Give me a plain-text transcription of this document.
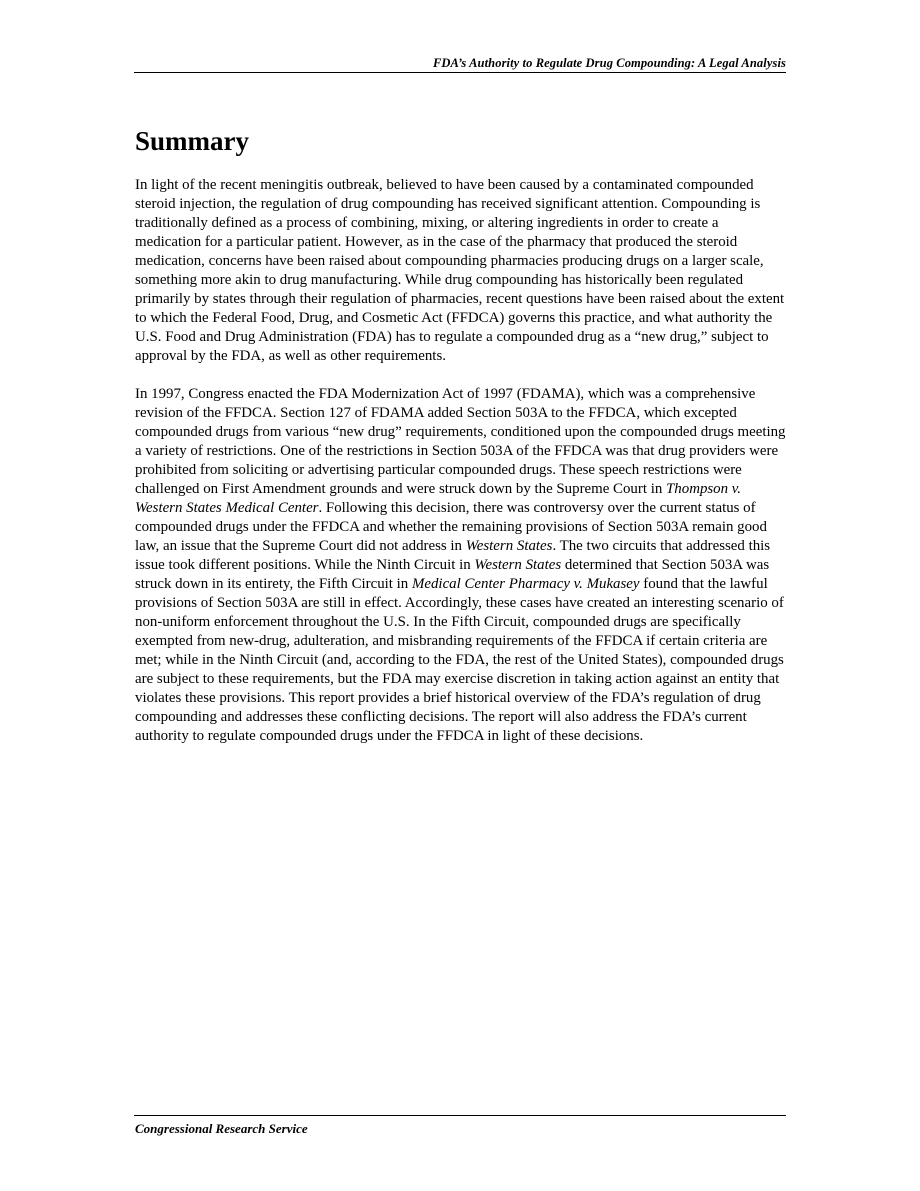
FDA’s Authority to Regulate Drug Compounding: A Legal Analysis
Summary

In light of the recent meningitis outbreak, believed to have been caused by a contaminated compounded steroid injection, the regulation of drug compounding has received significant attention. Compounding is traditionally defined as a process of combining, mixing, or altering ingredients in order to create a medication for a particular patient. However, as in the case of the pharmacy that produced the steroid medication, concerns have been raised about compounding pharmacies producing drugs on a larger scale, something more akin to drug manufacturing. While drug compounding has historically been regulated primarily by states through their regulation of pharmacies, recent questions have been raised about the extent to which the Federal Food, Drug, and Cosmetic Act (FFDCA) governs this practice, and what authority the U.S. Food and Drug Administration (FDA) has to regulate a compounded drug as a “new drug,” subject to approval by the FDA, as well as other requirements.

In 1997, Congress enacted the FDA Modernization Act of 1997 (FDAMA), which was a comprehensive revision of the FFDCA. Section 127 of FDAMA added Section 503A to the FFDCA, which excepted compounded drugs from various “new drug” requirements, conditioned upon the compounded drugs meeting a variety of restrictions. One of the restrictions in Section 503A of the FFDCA was that drug providers were prohibited from soliciting or advertising particular compounded drugs. These speech restrictions were challenged on First Amendment grounds and were struck down by the Supreme Court in Thompson v. Western States Medical Center. Following this decision, there was controversy over the current status of compounded drugs under the FFDCA and whether the remaining provisions of Section 503A remain good law, an issue that the Supreme Court did not address in Western States. The two circuits that addressed this issue took different positions. While the Ninth Circuit in Western States determined that Section 503A was struck down in its entirety, the Fifth Circuit in Medical Center Pharmacy v. Mukasey found that the lawful provisions of Section 503A are still in effect. Accordingly, these cases have created an interesting scenario of non-uniform enforcement throughout the U.S. In the Fifth Circuit, compounded drugs are specifically exempted from new-drug, adulteration, and misbranding requirements of the FFDCA if certain criteria are met; while in the Ninth Circuit (and, according to the FDA, the rest of the United States), compounded drugs are subject to these requirements, but the FDA may exercise discretion in taking action against an entity that violates these provisions. This report provides a brief historical overview of the FDA’s regulation of drug compounding and addresses these conflicting decisions. The report will also address the FDA’s current authority to regulate compounded drugs under the FFDCA in light of these decisions.

Congressional Research Service
